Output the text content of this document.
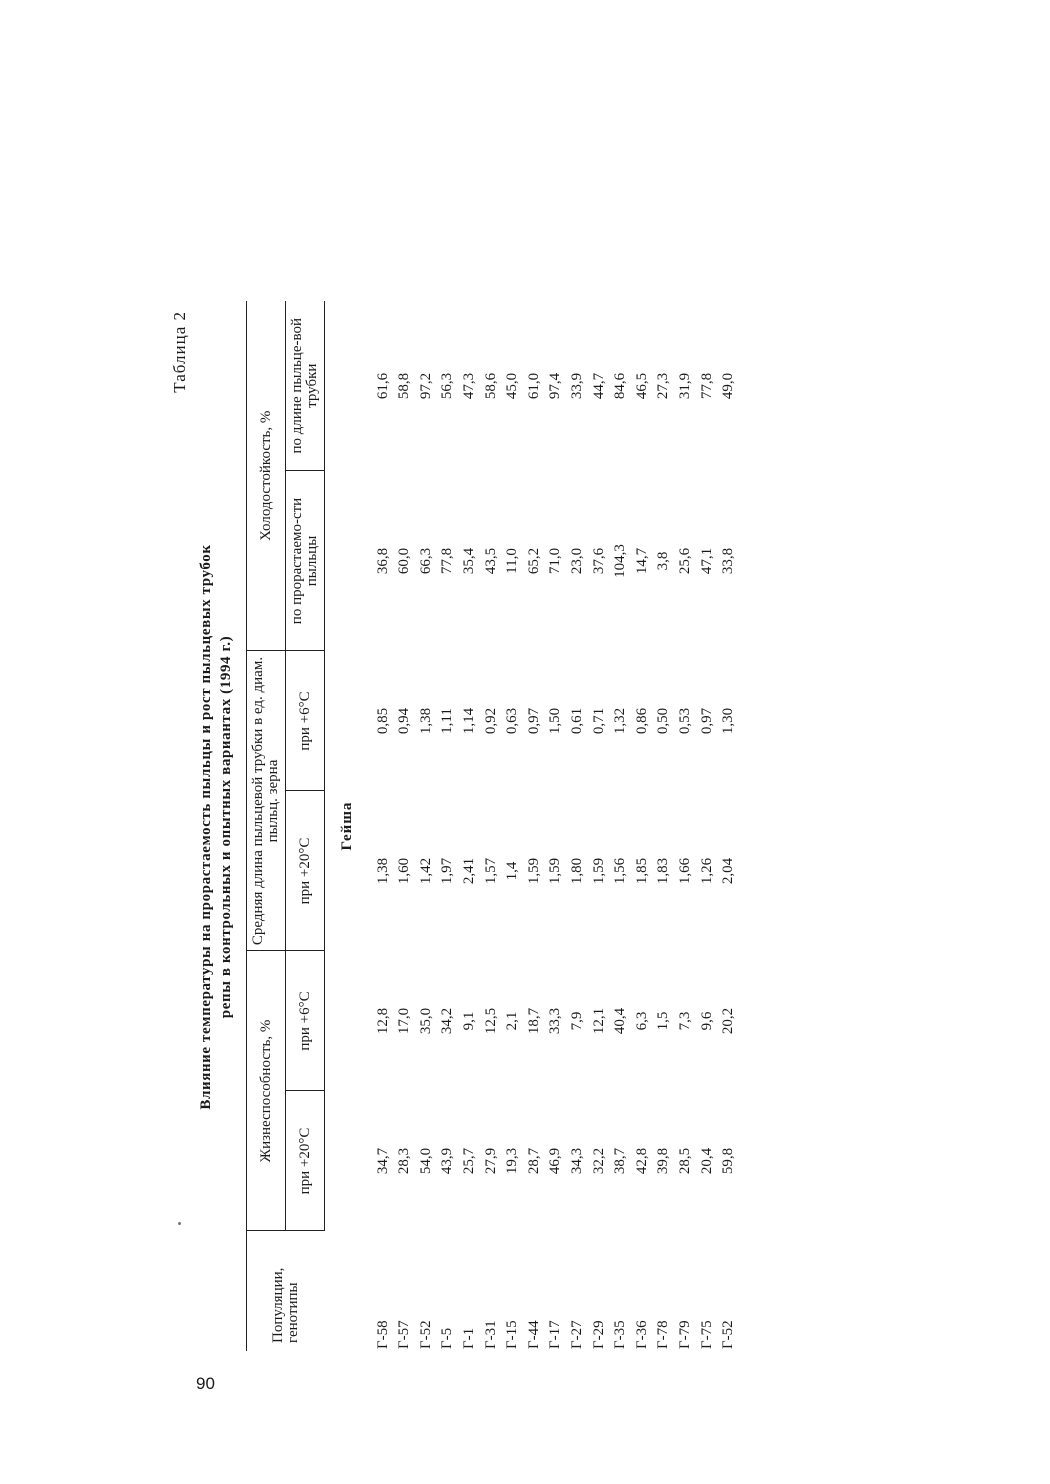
90
Таблица 2
Влияние температуры на прорастаемость пыльцы и рост пыльцевых трубок репы в контрольных и опытных вариантах (1994 г.)
Популяции, генотипы	Жизнеспособность, %		Средняя длина пыльцевой трубки в ед. диам. пыльц. зерна		Холодостойкость, %	
	при +20°С	при +6°С	при +20°С	при +6°С	по прорастаемо-сти пыльцы	по длине пыльце-вой трубки
Гейша						
Г-58	34,7	12,8	1,38	0,85	36,8	61,6
Г-57	28,3	17,0	1,60	0,94	60,0	58,8
Г-52	54,0	35,0	1,42	1,38	66,3	97,2
Г-5	43,9	34,2	1,97	1,11	77,8	56,3
Г-1	25,7	9,1	2,41	1,14	35,4	47,3
Г-31	27,9	12,5	1,57	0,92	43,5	58,6
Г-15	19,3	2,1	1,4	0,63	11,0	45,0
Г-44	28,7	18,7	1,59	0,97	65,2	61,0
Г-17	46,9	33,3	1,59	1,50	71,0	97,4
Г-27	34,3	7,9	1,80	0,61	23,0	33,9
Г-29	32,2	12,1	1,59	0,71	37,6	44,7
Г-35	38,7	40,4	1,56	1,32	104,3	84,6
Г-36	42,8	6,3	1,85	0,86	14,7	46,5
Г-78	39,8	1,5	1,83	0,50	3,8	27,3
Г-79	28,5	7,3	1,66	0,53	25,6	31,9
Г-75	20,4	9,6	1,26	0,97	47,1	77,8
Г-52	59,8	20,2	2,04	1,30	33,8	49,0
